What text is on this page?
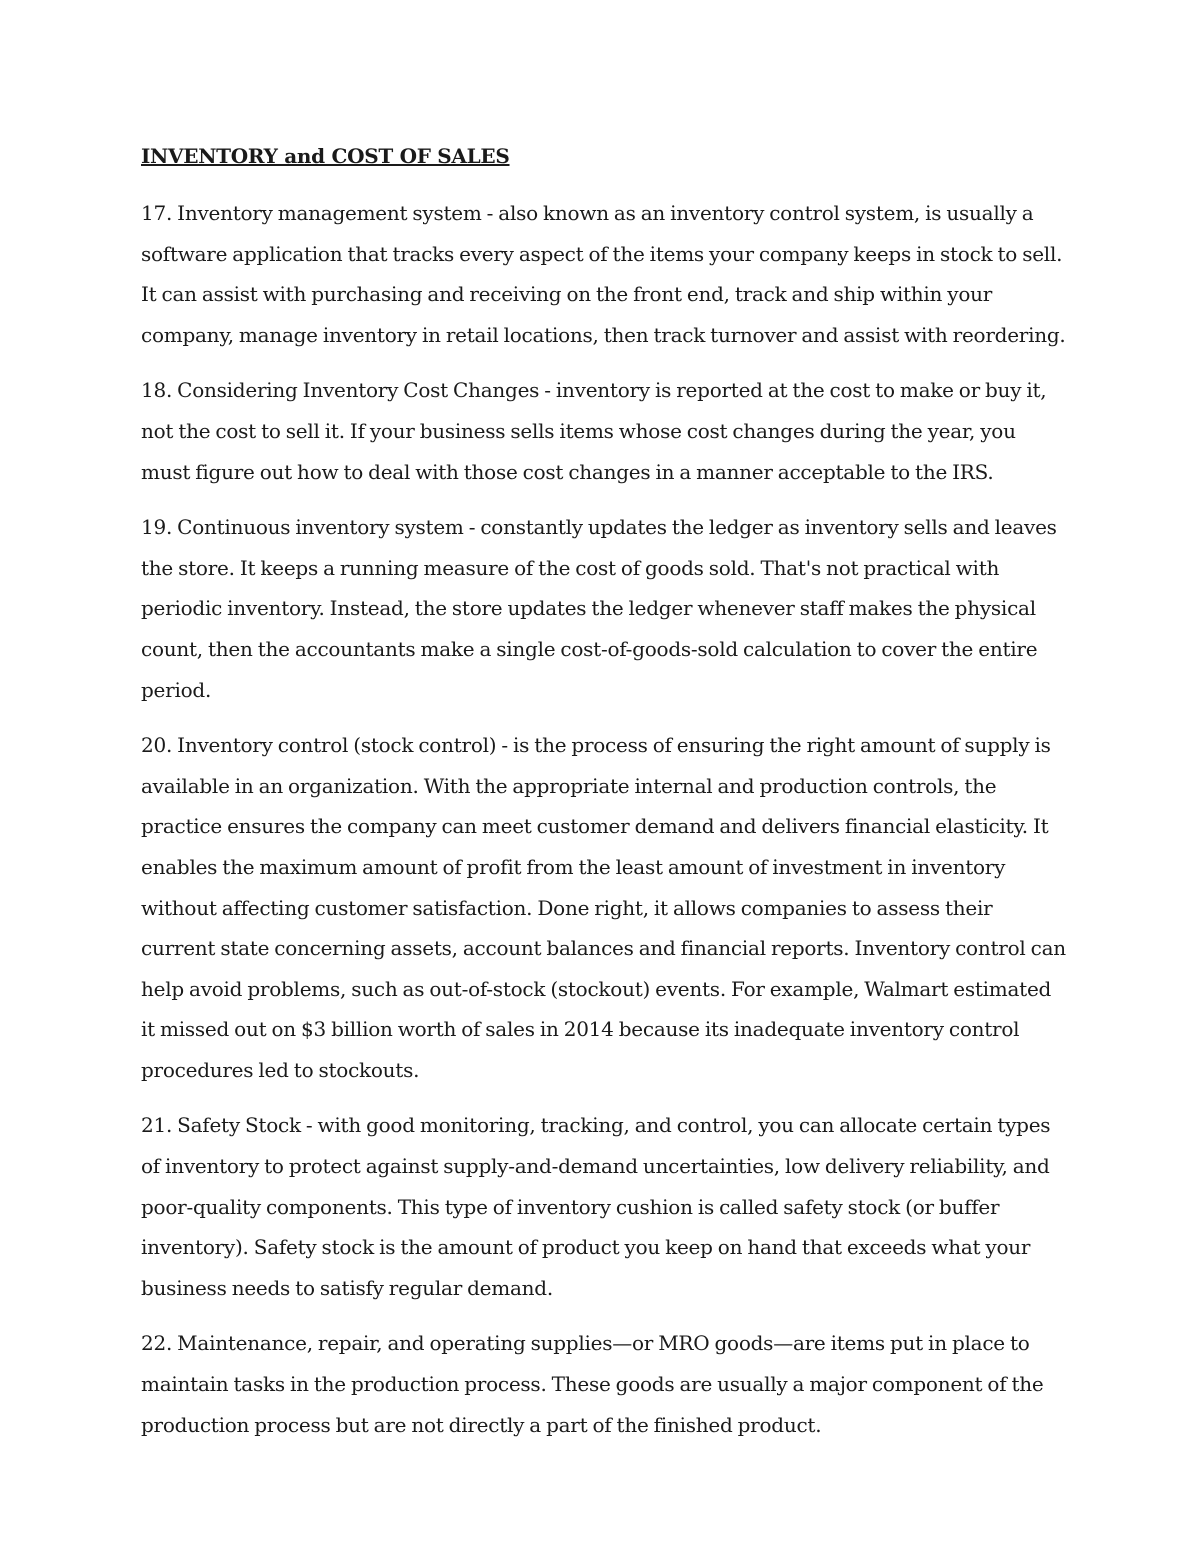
INVENTORY and COST OF SALES

17. Inventory management system - also known as an inventory control system, is usually a software application that tracks every aspect of the items your company keeps in stock to sell. It can assist with purchasing and receiving on the front end, track and ship within your company, manage inventory in retail locations, then track turnover and assist with reordering.

18. Considering Inventory Cost Changes - inventory is reported at the cost to make or buy it, not the cost to sell it. If your business sells items whose cost changes during the year, you must figure out how to deal with those cost changes in a manner acceptable to the IRS.

19. Continuous inventory system - constantly updates the ledger as inventory sells and leaves the store. It keeps a running measure of the cost of goods sold. That's not practical with periodic inventory. Instead, the store updates the ledger whenever staff makes the physical count, then the accountants make a single cost-of-goods-sold calculation to cover the entire period.

20. Inventory control (stock control) - is the process of ensuring the right amount of supply is available in an organization. With the appropriate internal and production controls, the practice ensures the company can meet customer demand and delivers financial elasticity. It enables the maximum amount of profit from the least amount of investment in inventory without affecting customer satisfaction. Done right, it allows companies to assess their current state concerning assets, account balances and financial reports. Inventory control can help avoid problems, such as out-of-stock (stockout) events. For example, Walmart estimated it missed out on $3 billion worth of sales in 2014 because its inadequate inventory control procedures led to stockouts.

21. Safety Stock - with good monitoring, tracking, and control, you can allocate certain types of inventory to protect against supply-and-demand uncertainties, low delivery reliability, and poor-quality components. This type of inventory cushion is called safety stock (or buffer inventory). Safety stock is the amount of product you keep on hand that exceeds what your business needs to satisfy regular demand.

22. Maintenance, repair, and operating supplies—or MRO goods—are items put in place to maintain tasks in the production process. These goods are usually a major component of the production process but are not directly a part of the finished product.
